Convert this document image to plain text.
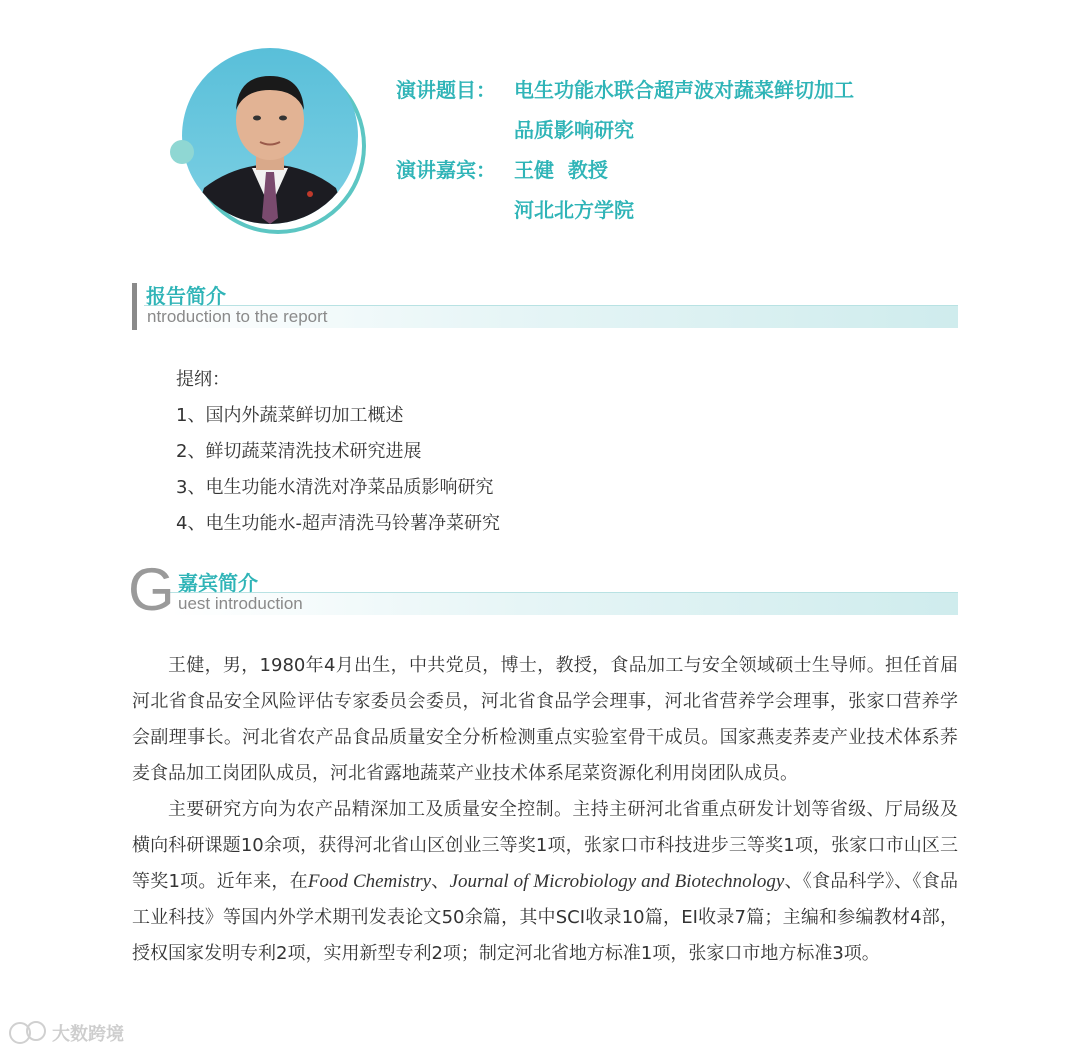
演讲题目： 电生功能水联合超声波对蔬菜鲜切加工
品质影响研究
演讲嘉宾： 王健  教授
河北北方学院
报告简介
ntroduction to the report
提纲：
1、国内外蔬菜鲜切加工概述
2、鲜切蔬菜清洗技术研究进展
3、电生功能水清洗对净菜品质影响研究
4、电生功能水-超声清洗马铃薯净菜研究
G 嘉宾简介
uest introduction

王健，男，1980年4月出生，中共党员，博士，教授，食品加工与安全领域硕士生导师。担任首届河北省食品安全风险评估专家委员会委员，河北省食品学会理事，河北省营养学会理事，张家口营养学会副理事长。河北省农产品食品质量安全分析检测重点实验室骨干成员。国家燕麦荞麦产业技术体系荞麦食品加工岗团队成员，河北省露地蔬菜产业技术体系尾菜资源化利用岗团队成员。

主要研究方向为农产品精深加工及质量安全控制。主持主研河北省重点研发计划等省级、厅局级及横向科研课题10余项，获得河北省山区创业三等奖1项，张家口市科技进步三等奖1项，张家口市山区三等奖1项。近年来，在Food Chemistry、Journal of Microbiology and Biotechnology、《食品科学》、《食品工业科技》等国内外学术期刊发表论文50余篇，其中SCI收录10篇，EI收录7篇；主编和参编教材4部，授权国家发明专利2项，实用新型专利2项；制定河北省地方标准1项，张家口市地方标准3项。

大数跨境
